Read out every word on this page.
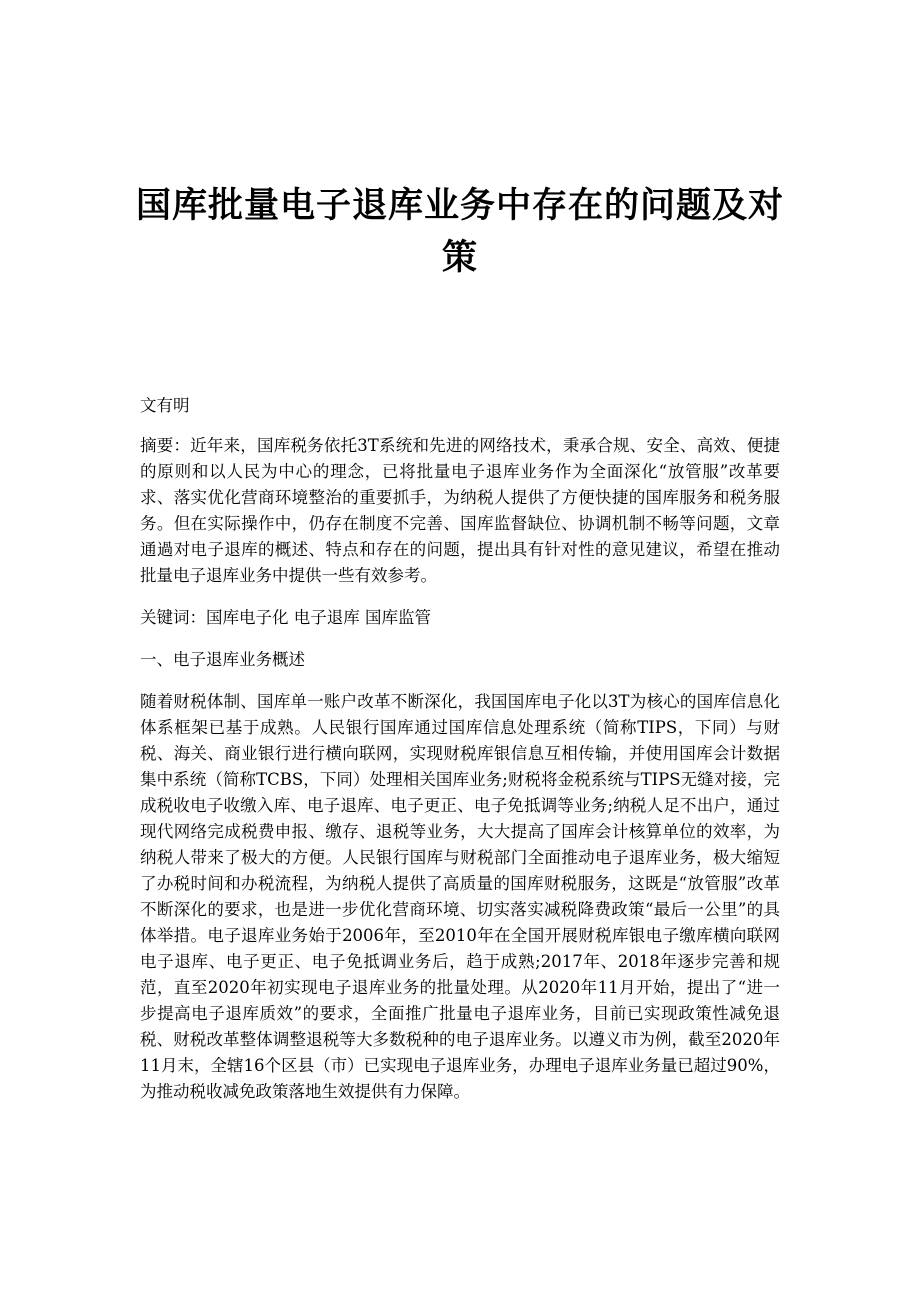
国库批量电子退库业务中存在的问题及对策

文有明

摘要：近年来，国库税务依托3T系统和先进的网络技术，秉承合规、安全、高效、便捷的原则和以人民为中心的理念，已将批量电子退库业务作为全面深化“放管服”改革要求、落实优化营商环境整治的重要抓手，为纳税人提供了方便快捷的国库服务和税务服务。但在实际操作中，仍存在制度不完善、国库监督缺位、协调机制不畅等问题，文章通過对电子退库的概述、特点和存在的问题，提出具有针对性的意见建议，希望在推动批量电子退库业务中提供一些有效参考。

关键词：国库电子化 电子退库 国库监管

一、电子退库业务概述

随着财税体制、国库单一账户改革不断深化，我国国库电子化以3T为核心的国库信息化体系框架已基于成熟。人民银行国库通过国库信息处理系统（简称TIPS，下同）与财税、海关、商业银行进行横向联网，实现财税库银信息互相传输，并使用国库会计数据集中系统（简称TCBS，下同）处理相关国库业务;财税将金税系统与TIPS无缝对接，完成税收电子收缴入库、电子退库、电子更正、电子免抵调等业务;纳税人足不出户，通过现代网络完成税费申报、缴存、退税等业务，大大提高了国库会计核算单位的效率，为纳税人带来了极大的方便。人民银行国库与财税部门全面推动电子退库业务，极大缩短了办税时间和办税流程，为纳税人提供了高质量的国库财税服务，这既是“放管服”改革不断深化的要求，也是进一步优化营商环境、切实落实减税降费政策“最后一公里”的具体举措。电子退库业务始于2006年，至2010年在全国开展财税库银电子缴库横向联网电子退库、电子更正、电子免抵调业务后，趋于成熟;2017年、2018年逐步完善和规范，直至2020年初实现电子退库业务的批量处理。从2020年11月开始，提出了“进一步提高电子退库质效”的要求，全面推广批量电子退库业务，目前已实现政策性减免退税、财税改革整体调整退税等大多数税种的电子退库业务。以遵义市为例，截至2020年11月末，全辖16个区县（市）已实现电子退库业务，办理电子退库业务量已超过90%，为推动税收减免政策落地生效提供有力保障。
